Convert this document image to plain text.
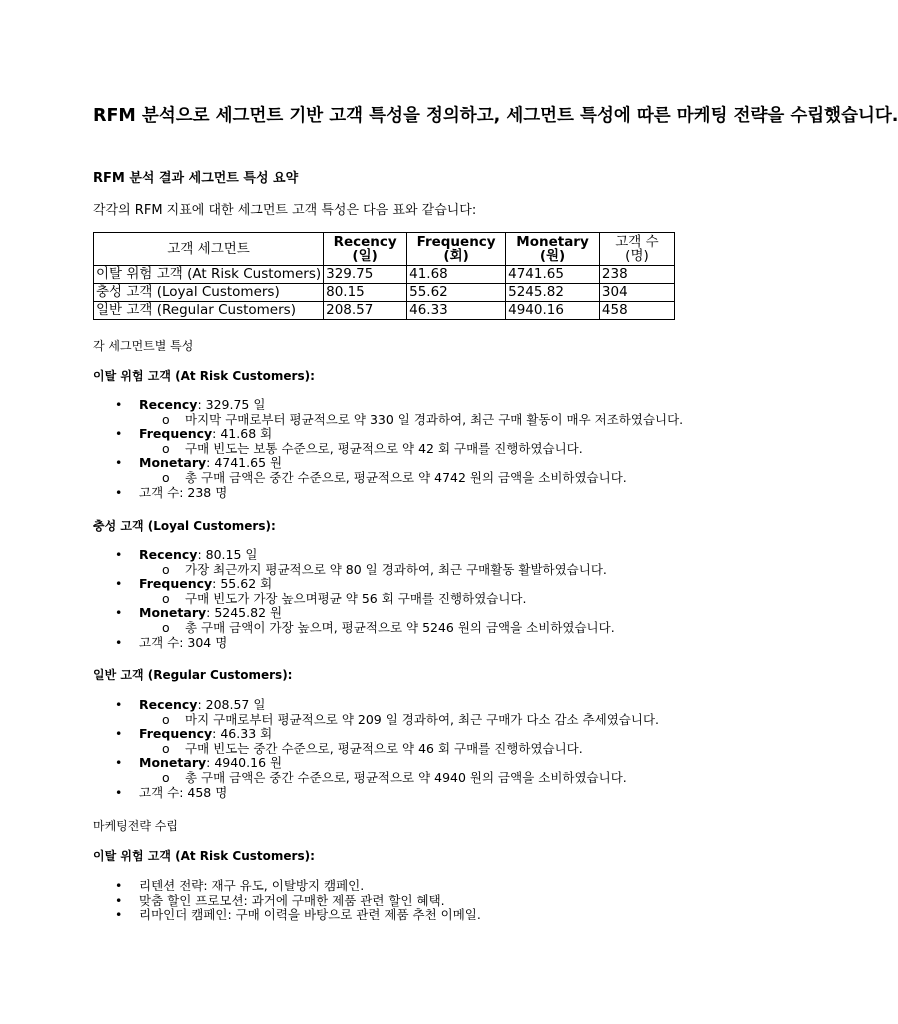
RFM 분석으로 세그먼트 기반 고객 특성을 정의하고, 세그먼트 특성에 따른 마케팅 전략을 수립했습니다.
RFM 분석 결과 세그먼트 특성 요약
각각의 RFM 지표에 대한 세그먼트 고객 특성은 다음 표와 같습니다:
고객 세그먼트	Recency (일)	Frequency (회)	Monetary (원)	고객 수 (명)
이탈 위험 고객 (At Risk Customers)	329.75	41.68	4741.65	238
충성 고객 (Loyal Customers)	80.15	55.62	5245.82	304
일반 고객 (Regular Customers)	208.57	46.33	4940.16	458
각 세그먼트별 특성
이탈 위험 고객 (At Risk Customers):
• Recency: 329.75 일
o 마지막 구매로부터 평균적으로 약 330 일 경과하여, 최근 구매 활동이 매우 저조하였습니다.
• Frequency: 41.68 회
o 구매 빈도는 보통 수준으로, 평균적으로 약 42 회 구매를 진행하였습니다.
• Monetary: 4741.65 원
o 총 구매 금액은 중간 수준으로, 평균적으로 약 4742 원의 금액을 소비하였습니다.
• 고객 수: 238 명
충성 고객 (Loyal Customers):
• Recency: 80.15 일
o 가장 최근까지 평균적으로 약 80 일 경과하여, 최근 구매활동 활발하였습니다.
• Frequency: 55.62 회
o 구매 빈도가 가장 높으며평균 약 56 회 구매를 진행하였습니다.
• Monetary: 5245.82 원
o 총 구매 금액이 가장 높으며, 평균적으로 약 5246 원의 금액을 소비하였습니다.
• 고객 수: 304 명
일반 고객 (Regular Customers):
• Recency: 208.57 일
o 마지 구매로부터 평균적으로 약 209 일 경과하여, 최근 구매가 다소 감소 추세였습니다.
• Frequency: 46.33 회
o 구매 빈도는 중간 수준으로, 평균적으로 약 46 회 구매를 진행하였습니다.
• Monetary: 4940.16 원
o 총 구매 금액은 중간 수준으로, 평균적으로 약 4940 원의 금액을 소비하였습니다.
• 고객 수: 458 명
마케팅전략 수립
이탈 위험 고객 (At Risk Customers):
• 리텐션 전략: 재구 유도, 이탈방지 캠페인.
• 맞춤 할인 프로모션: 과거에 구매한 제품 관련 할인 혜택.
• 리마인더 캠페인: 구매 이력을 바탕으로 관련 제품 추천 이메일.
